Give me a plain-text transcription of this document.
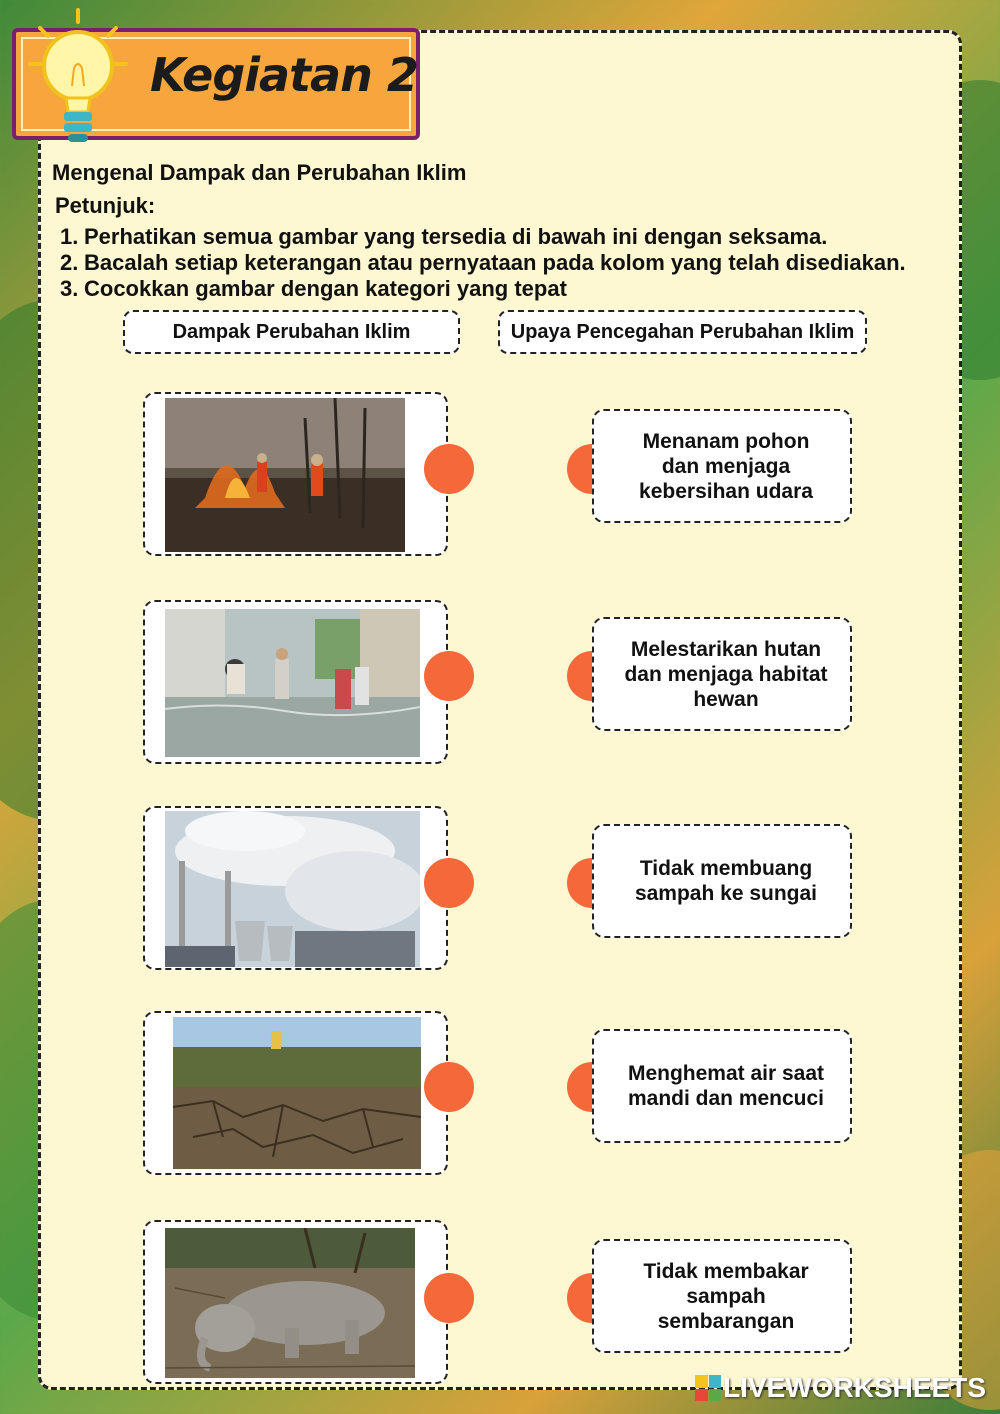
Kegiatan 2
Mengenal Dampak dan Perubahan Iklim
Petunjuk:
1. Perhatikan semua gambar yang tersedia di bawah ini dengan seksama.
2. Bacalah setiap keterangan atau pernyataan pada kolom yang telah disediakan.
3. Cocokkan gambar dengan kategori yang tepat
Dampak Perubahan Iklim	Upaya Pencegahan Perubahan Iklim
Menanam pohon dan menjaga kebersihan udara
Melestarikan hutan dan menjaga habitat hewan
Tidak membuang sampah ke sungai
Menghemat air saat mandi dan mencuci
Tidak membakar sampah sembarangan
LIVEWORKSHEETS
